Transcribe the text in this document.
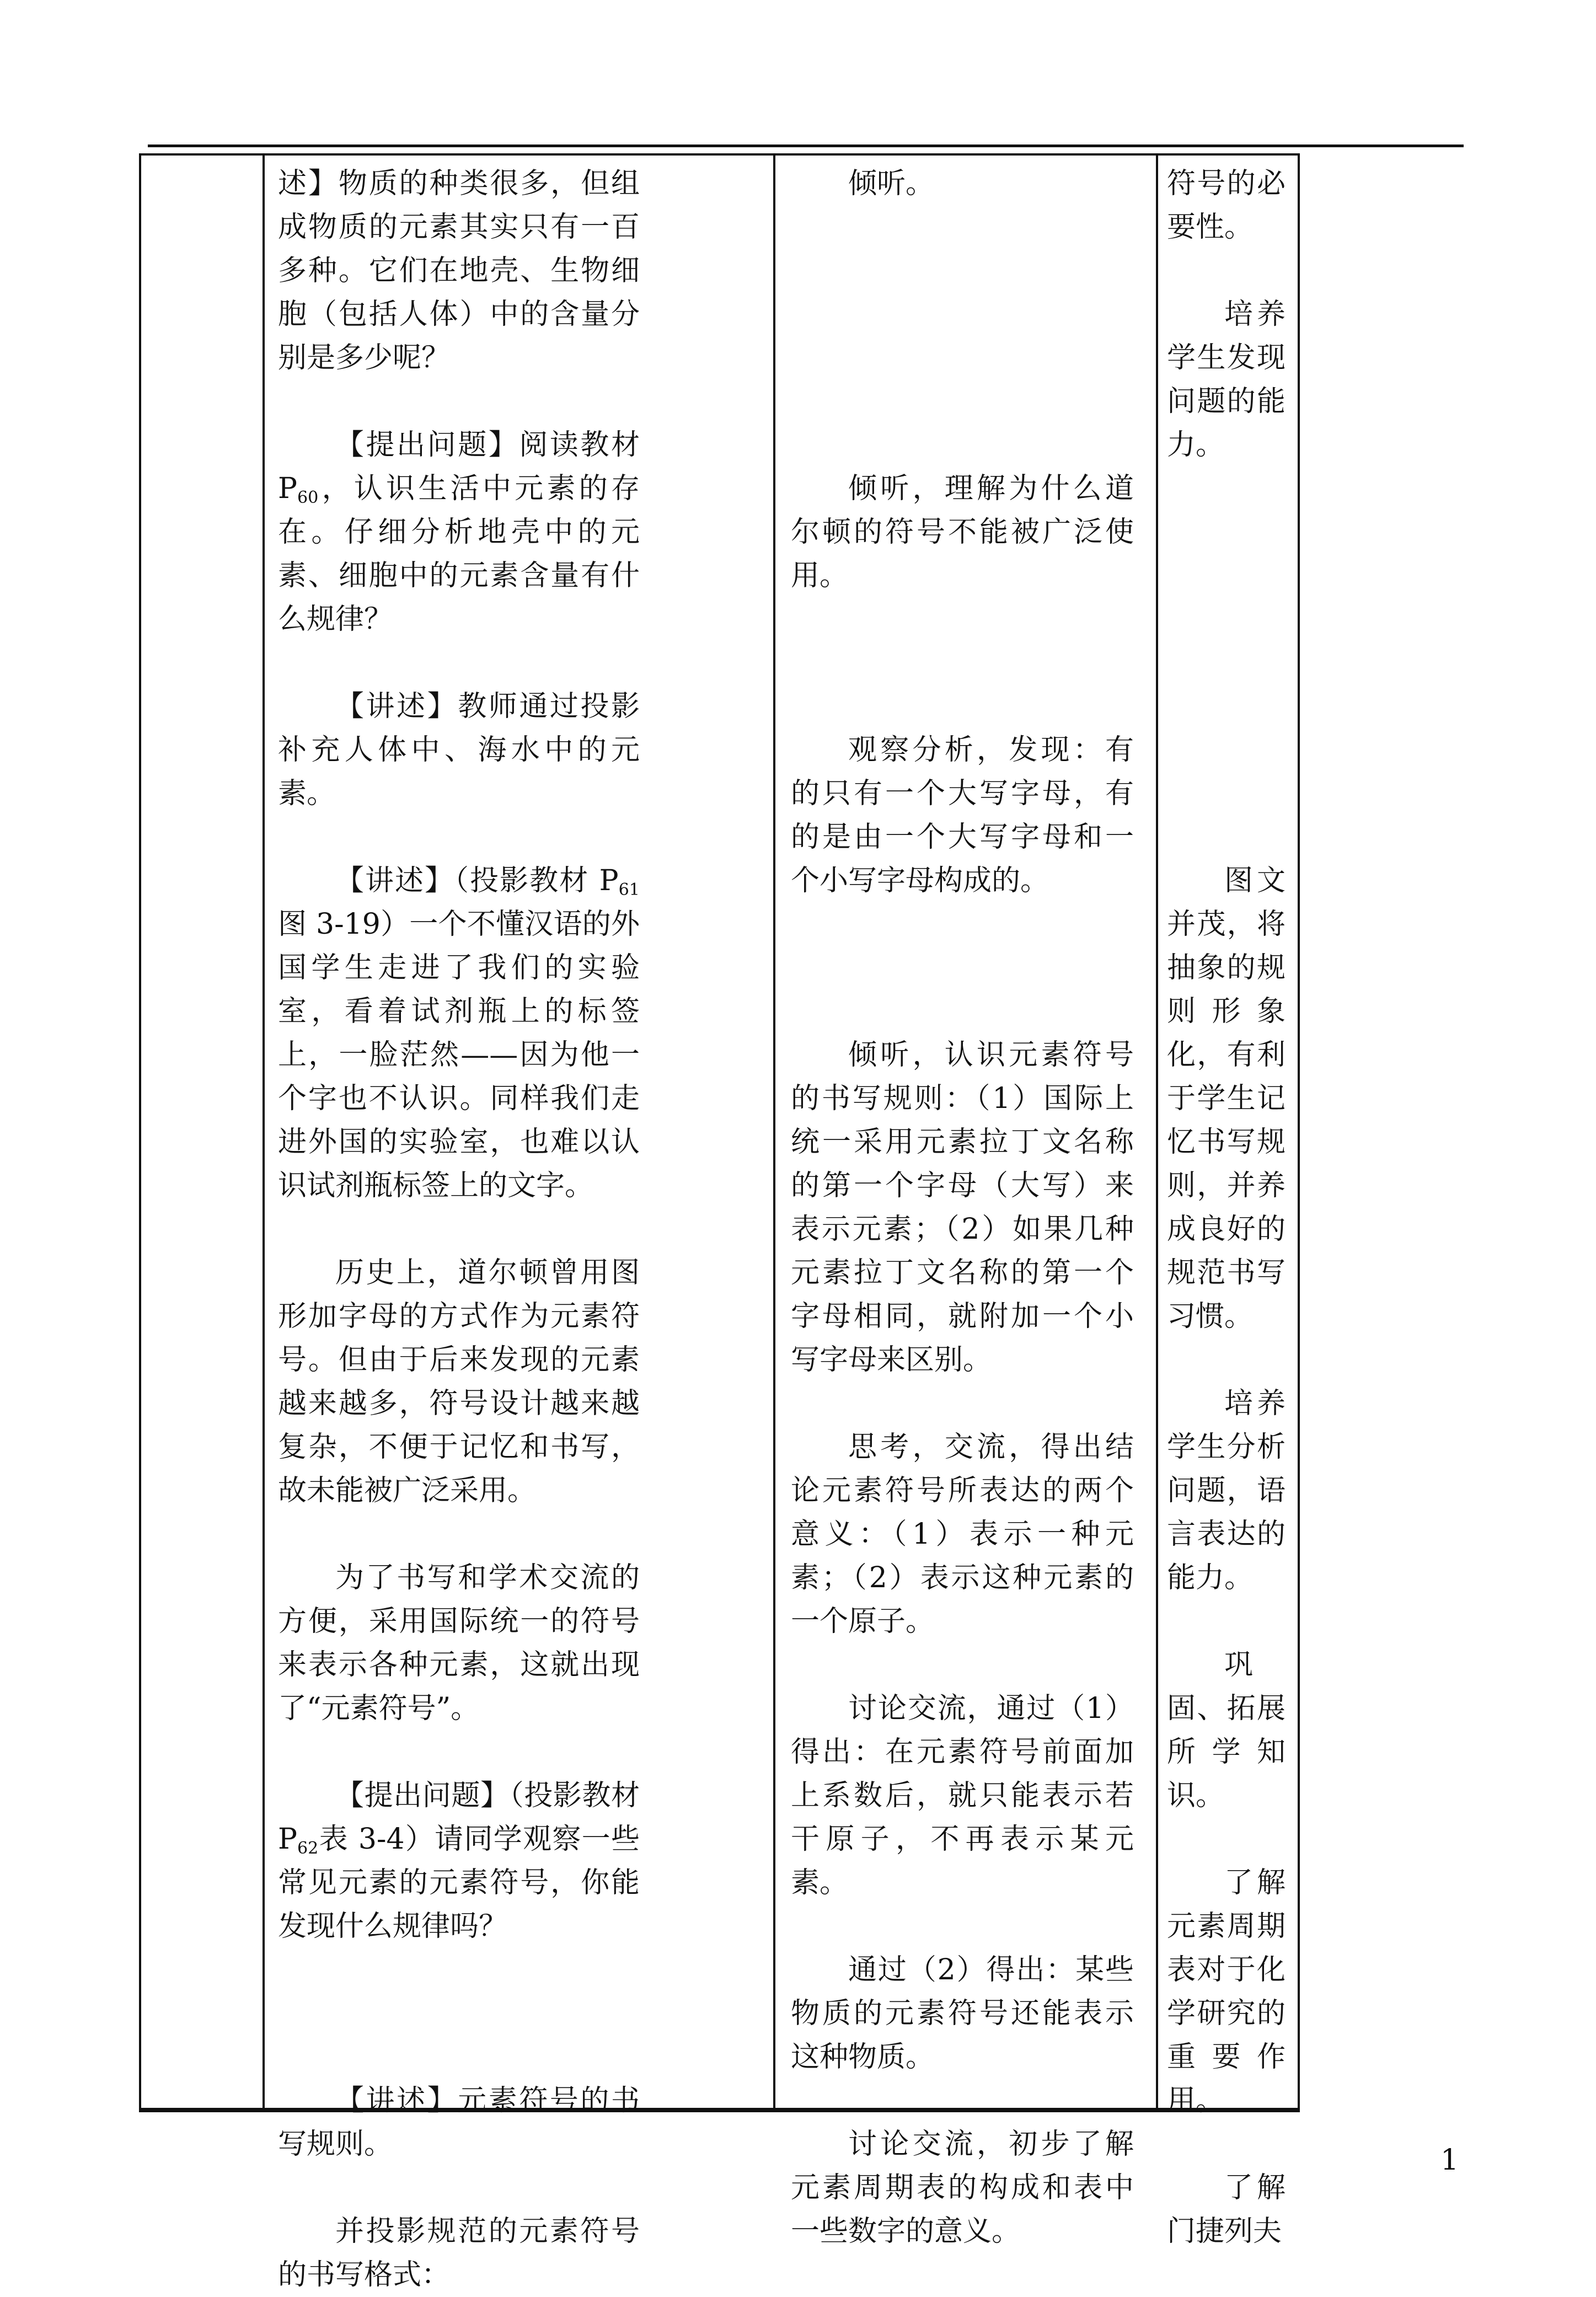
述】物质的种类很多，但组成物质的元素其实只有一百多种。它们在地壳、生物细胞（包括人体）中的含量分别是多少呢？

【提出问题】阅读教材 $P_{60}$，认识生活中元素的存在。仔细分析地壳中的元素、细胞中的元素含量有什么规律？

【讲述】教师通过投影补充人体中、海水中的元素。

【讲述】（投影教材 $P_{61}$图 3-19）一个不懂汉语的外国学生走进了我们的实验室，看着试剂瓶上的标签上，一脸茫然——因为他一个字也不认识。同样我们走进外国的实验室，也难以认识试剂瓶标签上的文字。

历史上，道尔顿曾用图形加字母的方式作为元素符号。但由于后来发现的元素越来越多，符号设计越来越复杂，不便于记忆和书写，故未能被广泛采用。

为了书写和学术交流的方便，采用国际统一的符号来表示各种元素，这就出现了“元素符号”。

【提出问题】（投影教材 $P_{62}$表 3-4）请同学观察一些常见元素的元素符号，你能发现什么规律吗？

【讲述】元素符号的书写规则。

并投影规范的元素符号的书写格式：

倾听。

倾听，理解为什么道尔顿的符号不能被广泛使用。

观察分析，发现：有的只有一个大写字母，有的是由一个大写字母和一个小写字母构成的。

倾听，认识元素符号的书写规则：（1）国际上统一采用元素拉丁文名称的第一个字母（大写）来表示元素；（2）如果几种元素拉丁文名称的第一个字母相同，就附加一个小写字母来区别。

思考，交流，得出结论元素符号所表达的两个意义：（1）表示一种元素；（2）表示这种元素的一个原子。

讨论交流，通过（1）得出：在元素符号前面加上系数后，就只能表示若干原子，不再表示某元素。

通过（2）得出：某些物质的元素符号还能表示这种物质。

讨论交流，初步了解元素周期表的构成和表中一些数字的意义。

符号的必要性。

培养学生发现问题的能力。

图文并茂，将抽象的规则形象化，有利于学生记忆书写规则，并养成良好的规范书写习惯。

培养学生分析问题，语言表达的能力。

巩固、拓展所学知识。

了解元素周期表对于化学研究的重要作用。

了解门捷列夫

1
